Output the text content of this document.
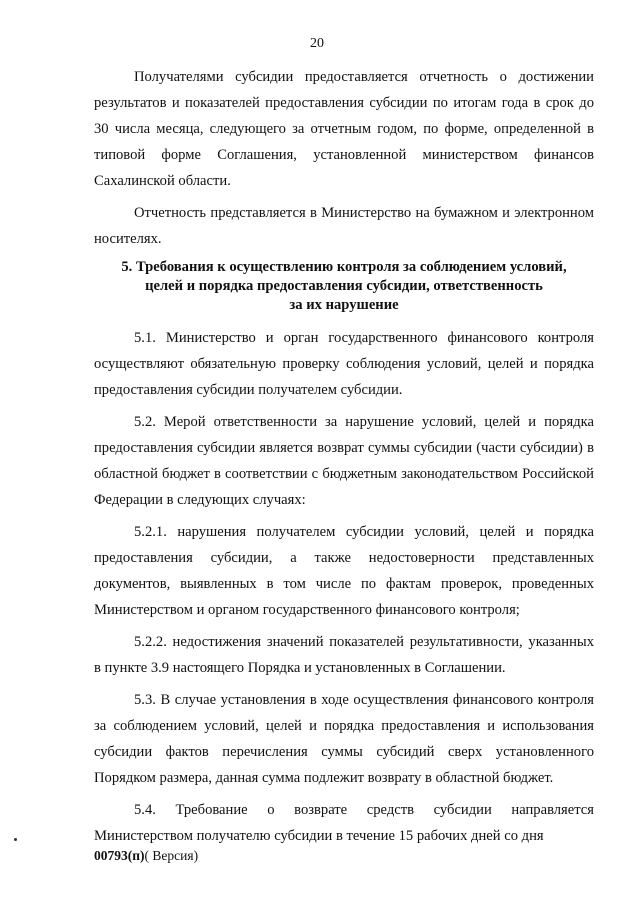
20

Получателями субсидии предоставляется отчетность о достижении результатов и показателей предоставления субсидии по итогам года в срок до 30 числа месяца, следующего за отчетным годом, по форме, определенной в типовой форме Соглашения, установленной министерством финансов Сахалинской области.

Отчетность представляется в Министерство на бумажном и электронном носителях.

5. Требования к осуществлению контроля за соблюдением условий,
целей и порядка предоставления субсидии, ответственность
за их нарушение

5.1. Министерство и орган государственного финансового контроля осуществляют обязательную проверку соблюдения условий, целей и порядка предоставления субсидии получателем субсидии.

5.2. Мерой ответственности за нарушение условий, целей и порядка предоставления субсидии является возврат суммы субсидии (части субсидии) в областной бюджет в соответствии с бюджетным законодательством Российской Федерации в следующих случаях:

5.2.1. нарушения получателем субсидии условий, целей и порядка предоставления субсидии, а также недостоверности представленных документов, выявленных в том числе по фактам проверок, проведенных Министерством и органом государственного финансового контроля;

5.2.2. недостижения значений показателей результативности, указанных в пункте 3.9 настоящего Порядка и установленных в Соглашении.

5.3. В случае установления в ходе осуществления финансового контроля за соблюдением условий, целей и порядка предоставления и использования субсидии фактов перечисления суммы субсидий сверх установленного Порядком размера, данная сумма подлежит возврату в областной бюджет.

5.4. Требование о возврате средств субсидии направляется Министерством получателю субсидии в течение 15 рабочих дней со дня

00793(п)( Версия)
